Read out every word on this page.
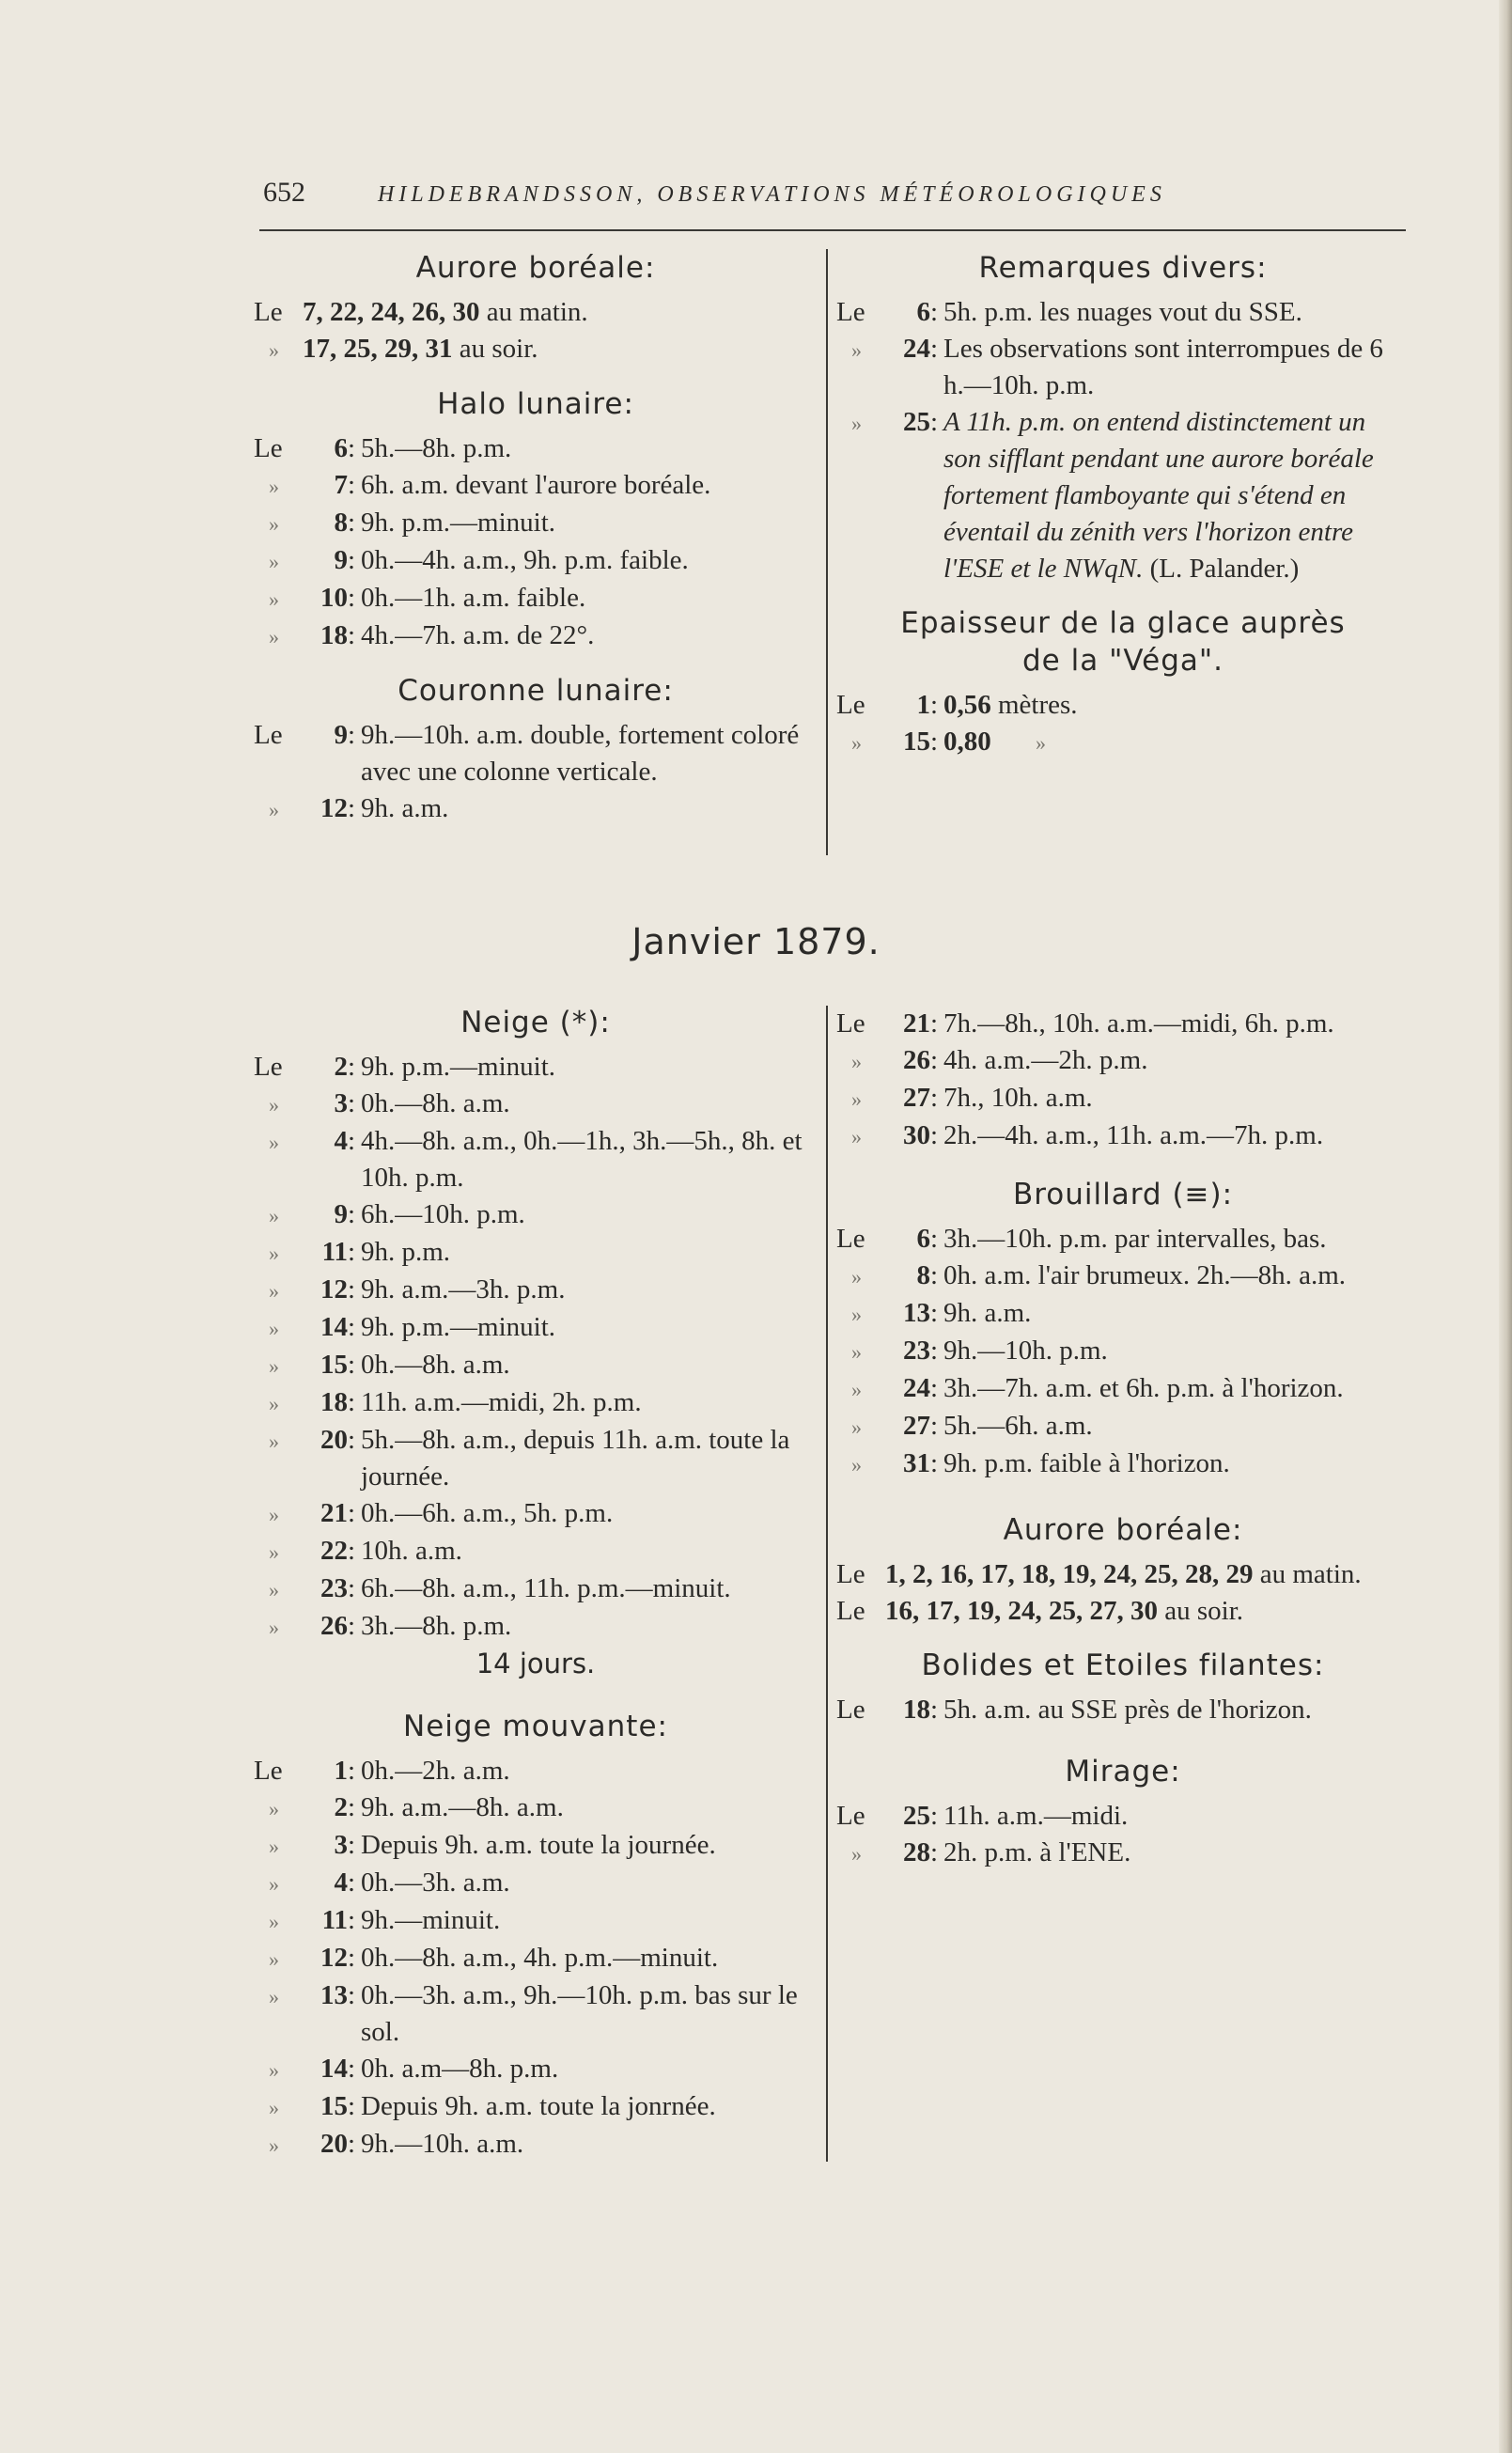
652	HILDEBRANDSSON, OBSERVATIONS MÉTÉOROLOGIQUES
Aurore boréale:
Le 7, 22, 24, 26, 30 au matin.
» 17, 25, 29, 31 au soir.
Halo lunaire:
Le	6 : 5h.—8h. p.m.
»	7 : 6h. a.m. devant l'aurore boréale.
»	8 : 9h. p.m.—minuit.
»	9 : 0h.—4h. a.m., 9h. p.m. faible.
»	10 : 0h.—1h. a.m. faible.
»	18 : 4h.—7h. a.m. de 22°.
Couronne lunaire:
Le	9 : 9h.—10h. a.m. double, fortement coloré avec une colonne verticale.
»	12 : 9h. a.m.
Remarques divers:
Le	6 : 5h. p.m. les nuages vout du SSE.
»	24 : Les observations sont interrompues de 6 h.—10h. p.m.
»	25 : A 11h. p.m. on entend distinctement un son sifflant pendant une aurore boréale fortement flamboyante qui s'étend en éventail du zénith vers l'horizon entre l'ESE et le NWqN. (L. Palander.)
Epaisseur de la glace auprès
de la "Véga".
Le	1 : 0,56 mètres.
»	15 : 0,80 »
Janvier 1879.
Neige (*):
Le	2 : 9h. p.m.—minuit.
»	3 : 0h.—8h. a.m.
»	4 : 4h.—8h. a.m., 0h.—1h., 3h.—5h., 8h. et 10h. p.m.
»	9 : 6h.—10h. p.m.
»	11 : 9h. p.m.
»	12 : 9h. a.m.—3h. p.m.
»	14 : 9h. p.m.—minuit.
»	15 : 0h.—8h. a.m.
»	18 : 11h. a.m.—midi, 2h. p.m.
»	20 : 5h.—8h. a.m., depuis 11h. a.m. toute la journée.
»	21 : 0h.—6h. a.m., 5h. p.m.
»	22 : 10h. a.m.
»	23 : 6h.—8h. a.m., 11h. p.m.—minuit.
»	26 : 3h.—8h. p.m.
14 jours.
Neige mouvante:
Le	1 : 0h.—2h. a.m.
»	2 : 9h. a.m.—8h. a.m.
»	3 : Depuis 9h. a.m. toute la journée.
»	4 : 0h.—3h. a.m.
»	11 : 9h.—minuit.
»	12 : 0h.—8h. a.m., 4h. p.m.—minuit.
»	13 : 0h.—3h. a.m., 9h.—10h. p.m. bas sur le sol.
»	14 : 0h. a.m—8h. p.m.
»	15 : Depuis 9h. a.m. toute la jonrnée.
»	20 : 9h.—10h. a.m.
Le	21 : 7h.—8h., 10h. a.m.—midi, 6h. p.m.
»	26 : 4h. a.m.—2h. p.m.
»	27 : 7h., 10h. a.m.
»	30 : 2h.—4h. a.m., 11h. a.m.—7h. p.m.
Brouillard (≡):
Le	6 : 3h.—10h. p.m. par intervalles, bas.
»	8 : 0h. a.m. l'air brumeux. 2h.—8h. a.m.
»	13 : 9h. a.m.
»	23 : 9h.—10h. p.m.
»	24 : 3h.—7h. a.m. et 6h. p.m. à l'horizon.
»	27 : 5h.—6h. a.m.
»	31 : 9h. p.m. faible à l'horizon.
Aurore boréale:
Le 1, 2, 16, 17, 18, 19, 24, 25, 28, 29 au matin.
Le 16, 17, 19, 24, 25, 27, 30 au soir.
Bolides et Etoiles filantes:
Le	18 : 5h. a.m. au SSE près de l'horizon.
Mirage:
Le	25 : 11h. a.m.—midi.
»	28 : 2h. p.m. à l'ENE.
